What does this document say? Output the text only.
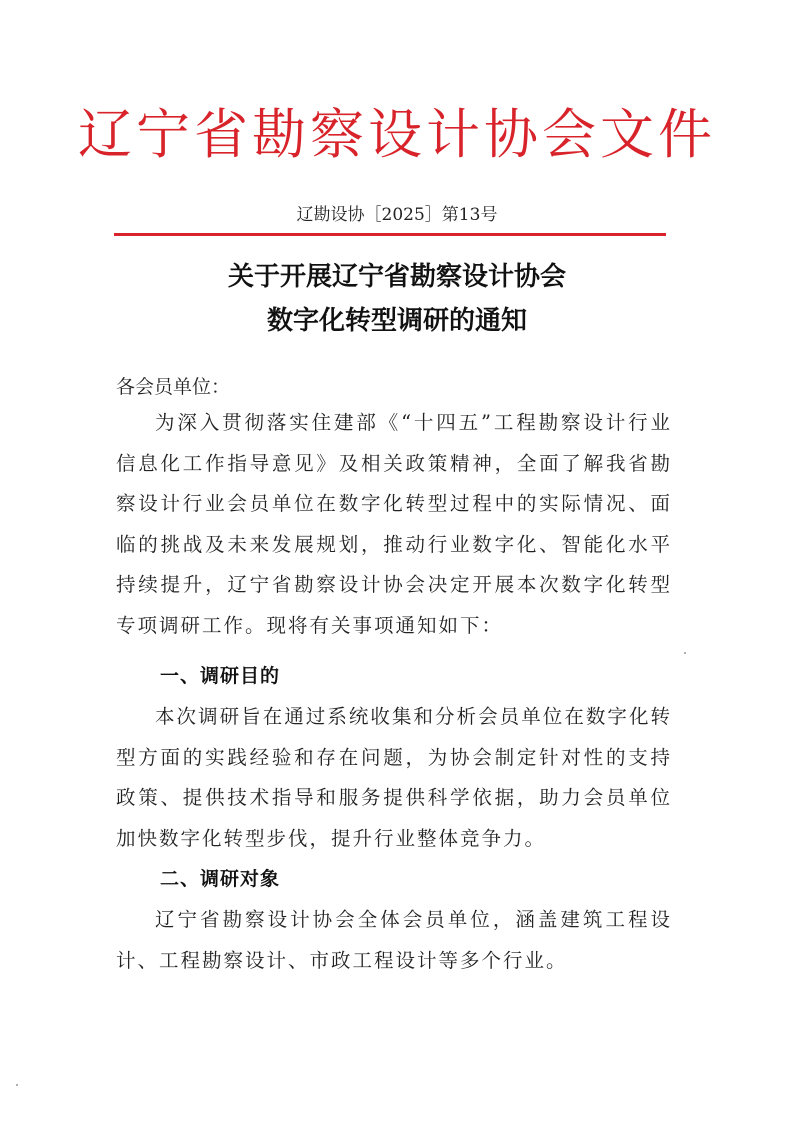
辽宁省勘察设计协会文件
辽勘设协［2025］第13号
关于开展辽宁省勘察设计协会
数字化转型调研的通知
各会员单位：
为深入贯彻落实住建部《“十四五”工程勘察设计行业信息化工作指导意见》及相关政策精神，全面了解我省勘察设计行业会员单位在数字化转型过程中的实际情况、面临的挑战及未来发展规划，推动行业数字化、智能化水平持续提升，辽宁省勘察设计协会决定开展本次数字化转型专项调研工作。现将有关事项通知如下：
一、调研目的
本次调研旨在通过系统收集和分析会员单位在数字化转型方面的实践经验和存在问题，为协会制定针对性的支持政策、提供技术指导和服务提供科学依据，助力会员单位加快数字化转型步伐，提升行业整体竞争力。
二、调研对象
辽宁省勘察设计协会全体会员单位，涵盖建筑工程设计、工程勘察设计、市政工程设计等多个行业。
